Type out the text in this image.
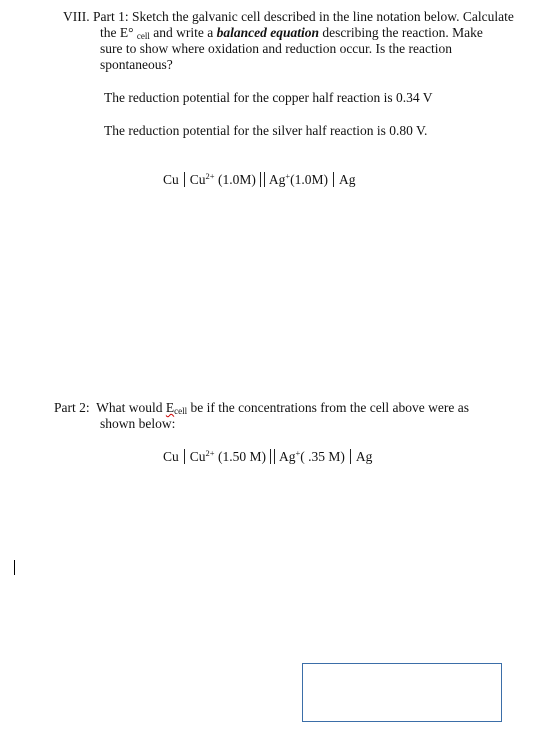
VIII. Part 1: Sketch the galvanic cell described in the line notation below. Calculate
the E° cell and write a balanced equation describing the reaction. Make
sure to show where oxidation and reduction occur. Is the reaction
spontaneous?
The reduction potential for the copper half reaction is 0.34 V
The reduction potential for the silver half reaction is 0.80 V.
Cu $Cu^{2+}$ (1.0M) Ag+(1.0M) Ag
Part 2: What would Ecell be if the concentrations from the cell above were as
shown below:
Cu $Cu^{2+}$ (1.50 M) Ag+( .35 M) Ag
